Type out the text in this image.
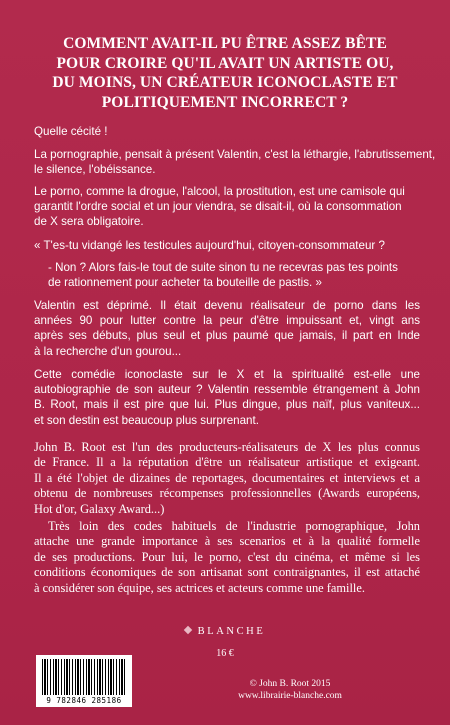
COMMENT AVAIT-IL PU ÊTRE ASSEZ BÊTE
POUR CROIRE QU'IL AVAIT UN ARTISTE OU,
DU MOINS, UN CRÉATEUR ICONOCLASTE ET
POLITIQUEMENT INCORRECT ?
Quelle cécité !
La pornographie, pensait à présent Valentin, c'est la léthargie, l'abrutissement,
le silence, l'obéissance.
Le porno, comme la drogue, l'alcool, la prostitution, est une camisole qui
garantit l'ordre social et un jour viendra, se disait-il, où la consommation
de X sera obligatoire.
« T'es-tu vidangé les testicules aujourd'hui, citoyen-consommateur ?
- Non ? Alors fais-le tout de suite sinon tu ne recevras pas tes points
de rationnement pour acheter ta bouteille de pastis. »
Valentin est déprimé. Il était devenu réalisateur de porno dans les
années 90 pour lutter contre la peur d'être impuissant et, vingt ans
après ses débuts, plus seul et plus paumé que jamais, il part en Inde
à la recherche d'un gourou...
Cette comédie iconoclaste sur le X et la spiritualité est-elle une
autobiographie de son auteur ? Valentin ressemble étrangement à John
B. Root, mais il est pire que lui. Plus dingue, plus naïf, plus vaniteux...
et son destin est beaucoup plus surprenant.
John B. Root est l'un des producteurs-réalisateurs de X les plus connus
de France. Il a la réputation d'être un réalisateur artistique et exigeant.
Il a été l'objet de dizaines de reportages, documentaires et interviews et a
obtenu de nombreuses récompenses professionnelles (Awards européens,
Hot d'or, Galaxy Award...)
Très loin des codes habituels de l'industrie pornographique, John
attache une grande importance à ses scenarios et à la qualité formelle
de ses productions. Pour lui, le porno, c'est du cinéma, et même si les
conditions économiques de son artisanat sont contraignantes, il est attaché
à considérer son équipe, ses actrices et acteurs comme une famille.
BLANCHE
16 €
9 782846 285186
© John B. Root 2015
www.librairie-blanche.com
